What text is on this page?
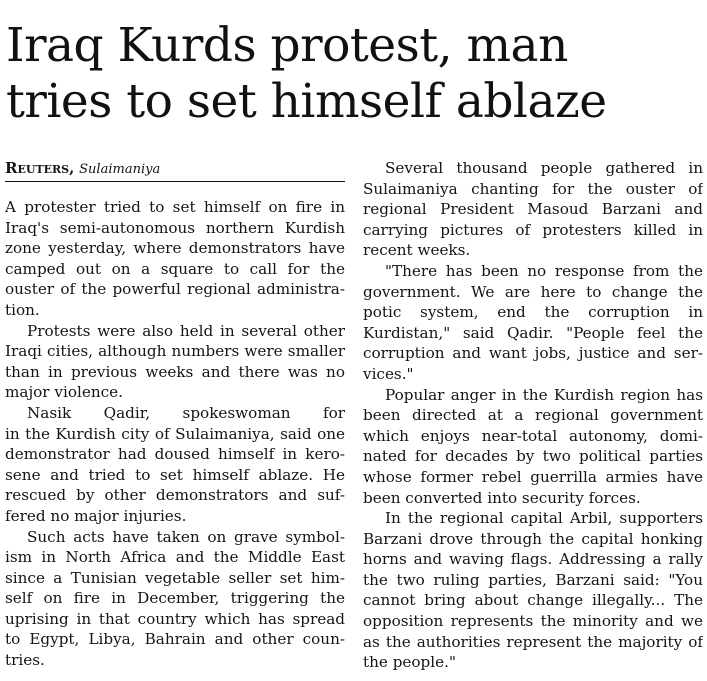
Iraq Kurds protest, man
tries to set himself ablaze
Reuters, Sulaimaniya
A protester tried to set himself on fire in
Iraq's semi-autonomous northern Kurdish
zone yesterday, where demonstrators have
camped out on a square to call for the
ouster of the powerful regional administra-
tion.
Protests were also held in several other
Iraqi cities, although numbers were smaller
than in previous weeks and there was no
major violence.
Nasik Qadir, spokeswoman for
in the Kurdish city of Sulaimaniya, said one
demonstrator had doused himself in kero-
sene and tried to set himself ablaze. He
rescued by other demonstrators and suf-
fered no major injuries.
Such acts have taken on grave symbol-
ism in North Africa and the Middle East
since a Tunisian vegetable seller set him-
self on fire in December, triggering the
uprising in that country which has spread
to Egypt, Libya, Bahrain and other coun-
tries.
Several thousand people gathered in
Sulaimaniya chanting for the ouster of
regional President Masoud Barzani and
carrying pictures of protesters killed in
recent weeks.
"There has been no response from the
government. We are here to change the
potic system, end the corruption in
Kurdistan," said Qadir. "People feel the
corruption and want jobs, justice and ser-
vices."
Popular anger in the Kurdish region has
been directed at a regional government
which enjoys near-total autonomy, domi-
nated for decades by two political parties
whose former rebel guerrilla armies have
been converted into security forces.
In the regional capital Arbil, supporters
Barzani drove through the capital honking
horns and waving flags. Addressing a rally
the two ruling parties, Barzani said: "You
cannot bring about change illegally... The
opposition represents the minority and we
as the authorities represent the majority of
the people."
